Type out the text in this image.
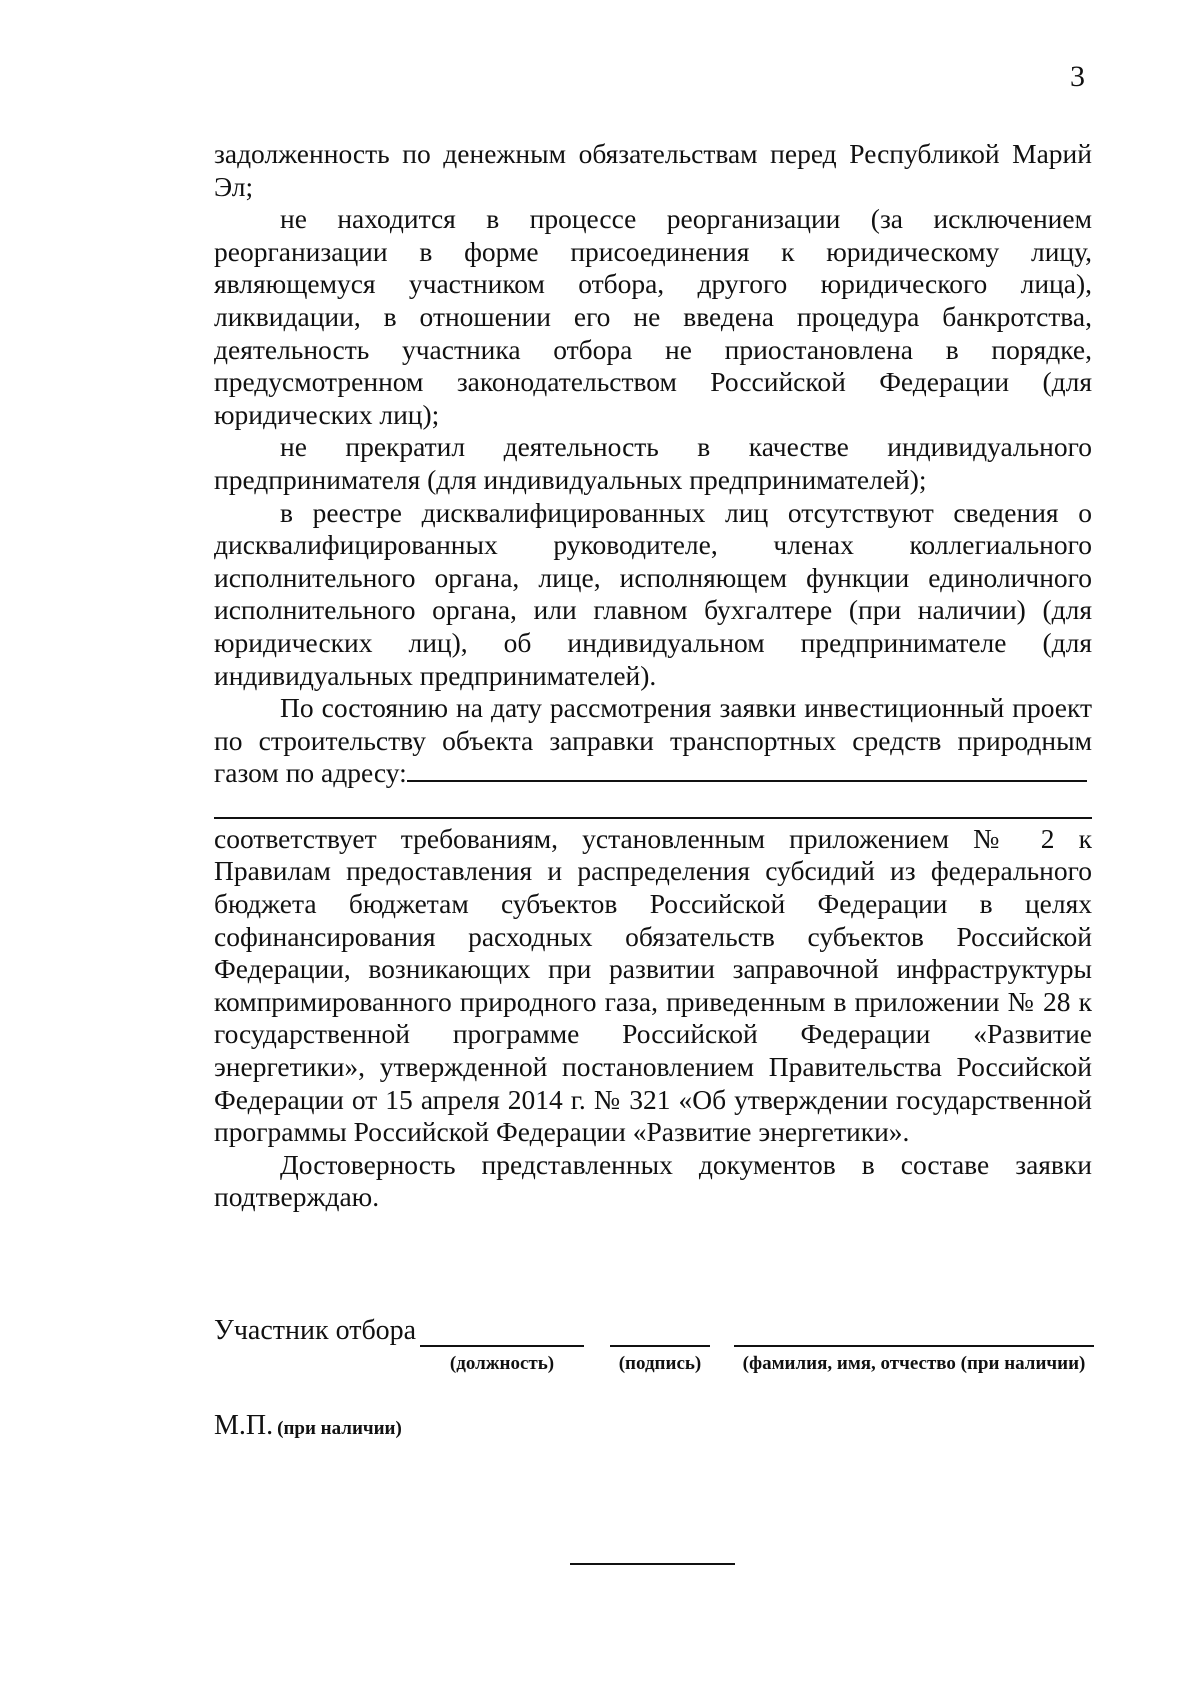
3

задолженность по денежным обязательствам перед Республикой Марий Эл;

не находится в процессе реорганизации (за исключением реорганизации в форме присоединения к юридическому лицу, являющемуся участником отбора, другого юридического лица), ликвидации, в отношении его не введена процедура банкротства, деятельность участника отбора не приостановлена в порядке, предусмотренном законодательством Российской Федерации (для юридических лиц);

не прекратил деятельность в качестве индивидуального предпринимателя (для индивидуальных предпринимателей);

в реестре дисквалифицированных лиц отсутствуют сведения о дисквалифицированных руководителе, членах коллегиального исполнительного органа, лице, исполняющем функции единоличного исполнительного органа, или главном бухгалтере (при наличии) (для юридических лиц), об индивидуальном предпринимателе (для индивидуальных предпринимателей).

По состоянию на дату рассмотрения заявки инвестиционный проект по строительству объекта заправки транспортных средств природным газом по адресу:

соответствует требованиям, установленным приложением № 2 к Правилам предоставления и распределения субсидий из федерального бюджета бюджетам субъектов Российской Федерации в целях софинансирования расходных обязательств субъектов Российской Федерации, возникающих при развитии заправочной инфраструктуры компримированного природного газа, приведенным в приложении № 28 к государственной программе Российской Федерации «Развитие энергетики», утвержденной постановлением Правительства Российской Федерации от 15 апреля 2014 г. № 321 «Об утверждении государственной программы Российской Федерации «Развитие энергетики».

Достоверность представленных документов в составе заявки подтверждаю.

Участник отбора
(должность)	(подпись)	(фамилия, имя, отчество (при наличии)
М.П. (при наличии)
